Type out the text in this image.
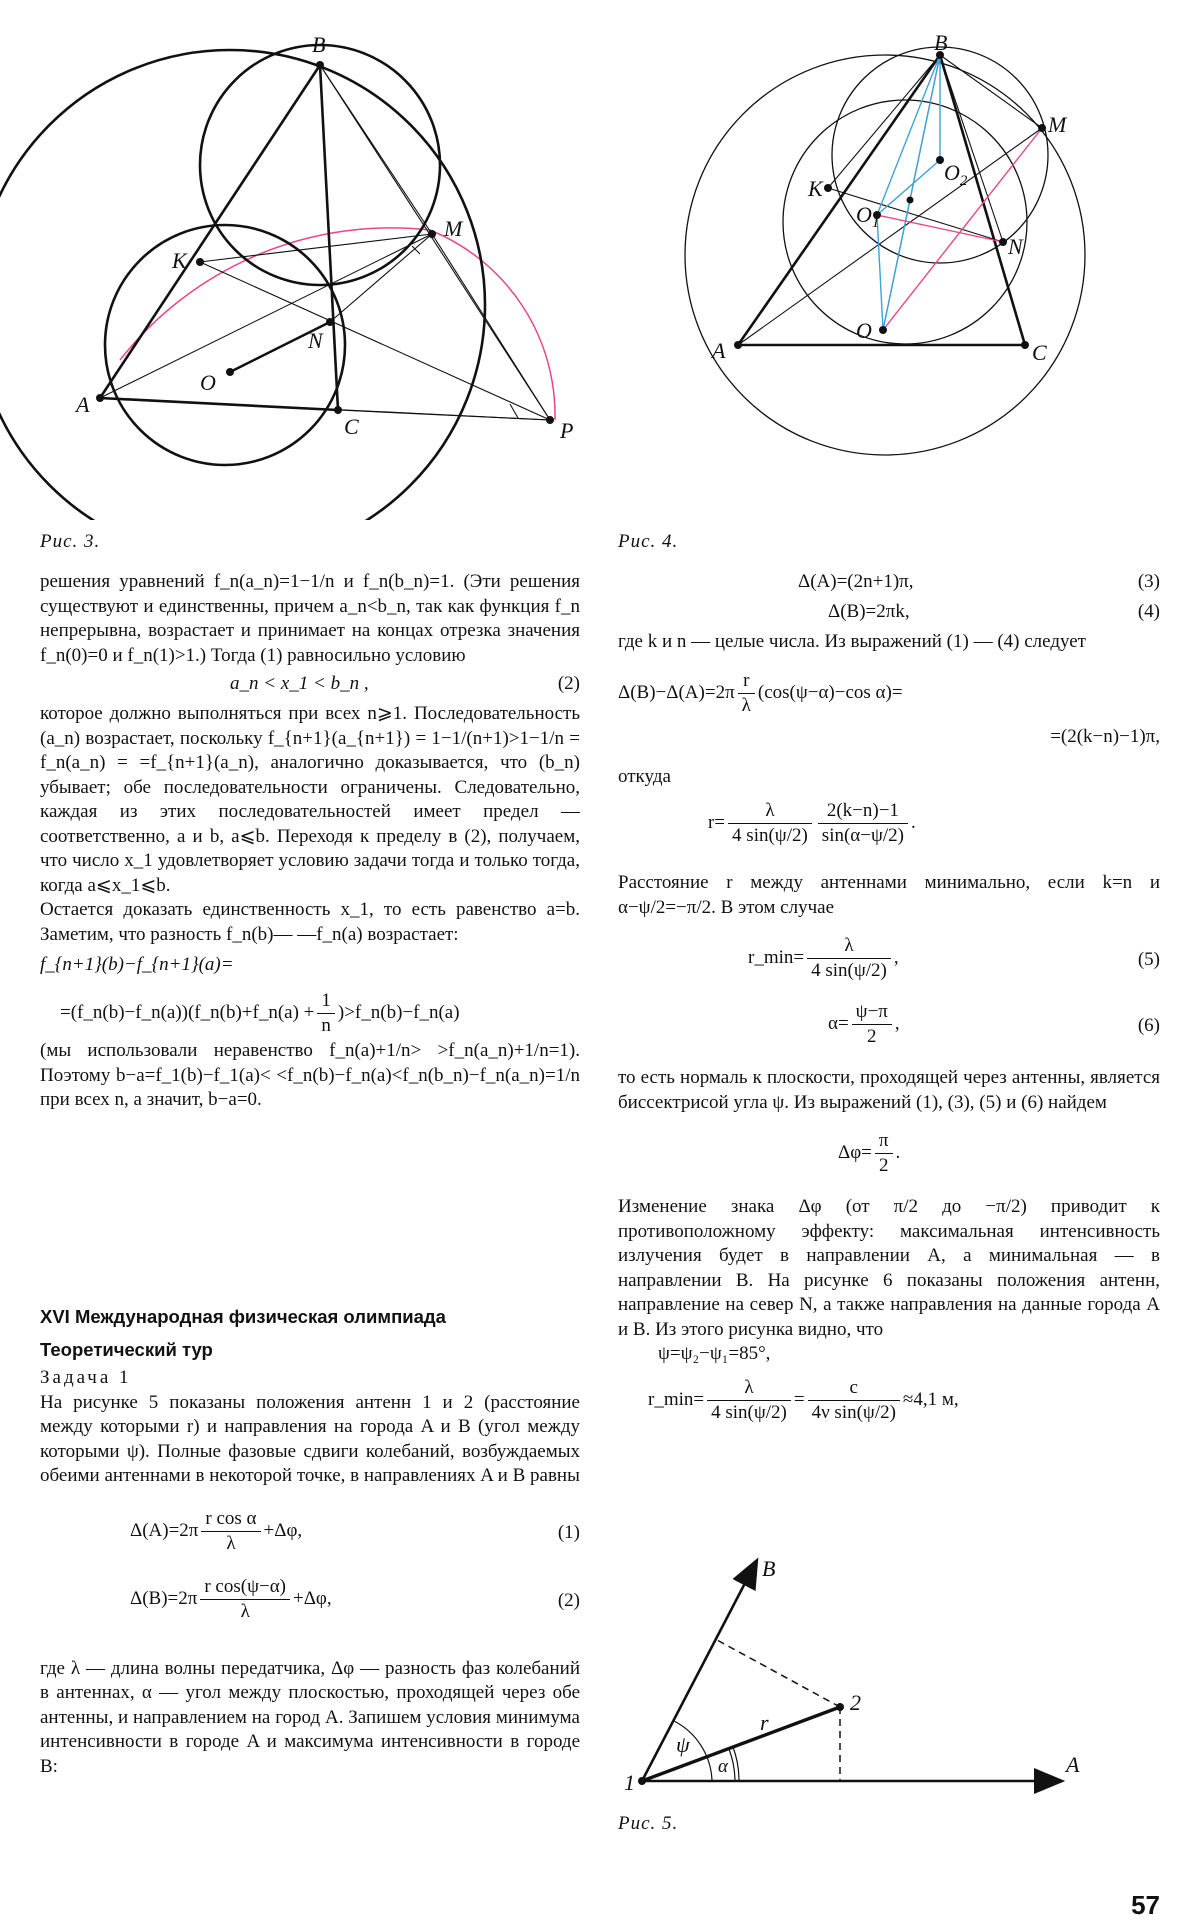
B
K
M
N
O
A
C	P
Рис. 3.
B
M
K
$O_2$
$O_1$
N
O
A	C
Рис. 4.

решения уравнений f_n(a_n)=1−1/n и f_n(b_n)=1. (Эти решения существуют и единственны, причем a_n<b_n, так как функция f_n непрерывна, возрастает и принимает на концах отрезка значения f_n(0)=0 и f_n(1)>1.) Тогда (1) равносильно условию

a_n < x_1 < b_n ,	(2)

которое должно выполняться при всех n⩾1. Последовательность (a_n) возрастает, поскольку f_{n+1}(a_{n+1}) = 1−1/(n+1)>1−1/n = f_n(a_n) = =f_{n+1}(a_n), аналогично доказывается, что (b_n) убывает; обе последовательности ограничены. Следовательно, каждая из этих последовательностей имеет предел — соответственно, a и b, a⩽b. Переходя к пределу в (2), получаем, что число x_1 удовлетворяет условию задачи тогда и только тогда, когда a⩽x_1⩽b.

Остается доказать единственность x_1, то есть равенство a=b. Заметим, что разность f_n(b)— —f_n(a) возрастает:

f_{n+1}(b)−f_{n+1}(a)=
=(f_n(b)−f_n(a))(f_n(b)+f_n(a) + $\frac{1}{n}$ )>f_n(b)−f_n(a)

(мы использовали неравенство f_n(a)+1/n> >f_n(a_n)+1/n=1). Поэтому b−a=f_1(b)−f_1(a)< <f_n(b)−f_n(a)<f_n(b_n)−f_n(a_n)=1/n при всех n, а значит, b−a=0.

XVI Международная физическая олимпиада

Теоретический тур

Задача 1

На рисунке 5 показаны положения антенн 1 и 2 (расстояние между которыми r) и направления на города A и B (угол между которыми ψ). Полные фазовые сдвиги колебаний, возбуждаемых обеими антеннами в некоторой точке, в направлениях A и B равны

$\Delta(A)=2\pi \frac{\text{r cos α}}{\lambda} +\Delta\varphi$,	(1)
$\Delta(B)=2\pi \frac{\text{r cos(ψ−α)}}{\lambda} +\Delta\varphi$,	(2)

где λ — длина волны передатчика, Δφ — разность фаз колебаний в антеннах, α — угол между плоскостью, проходящей через обе антенны, и направлением на город A. Запишем условия минимума интенсивности в городе A и максимума интенсивности в городе B:

Δ(A)=(2n+1)π,	(3)
Δ(B)=2πk,	(4)

где k и n — целые числа. Из выражений (1) — (4) следует

$\Delta(B)-\Delta(A)=2\pi \frac{r}{\lambda} (\cos(\psi-\alpha)-\cos$ α)=
=(2(k−n)−1)π,

откуда

$r= \frac{\lambda}{4 \sin(\psi/2)} \frac{2(k-n)-1}{\sin(\alpha-\psi/2)}$ .

Расстояние r между антеннами минимально, если k=n и α−ψ/2=−π/2. В этом случае

r_min= $\frac{\lambda}{4 \sin(\psi/2)}$ ,	(5)
$\alpha= \frac{\psi-\pi}{2}$ ,	(6)

то есть нормаль к плоскости, проходящей через антенны, является биссектрисой угла ψ. Из выражений (1), (3), (5) и (6) найдем

$\Delta\varphi= \frac{\pi}{2}$ .

Изменение знака Δφ (от π/2 до −π/2) приводит к противоположному эффекту: максимальная интенсивность излучения будет в направлении A, а минимальная — в направлении B. На рисунке 6 показаны положения антенн, направление на север N, а также направления на данные города A и B. Из этого рисунка видно, что

ψ=ψ₂−ψ₁=85°,
r_min= $\frac{\lambda}{4 \sin(\psi/2)} = \frac{c}{\text{4ν sin(ψ/2)}} \approx 4,1$ м,
B
2
r
ψ
α
1
A
Рис. 5.
57
